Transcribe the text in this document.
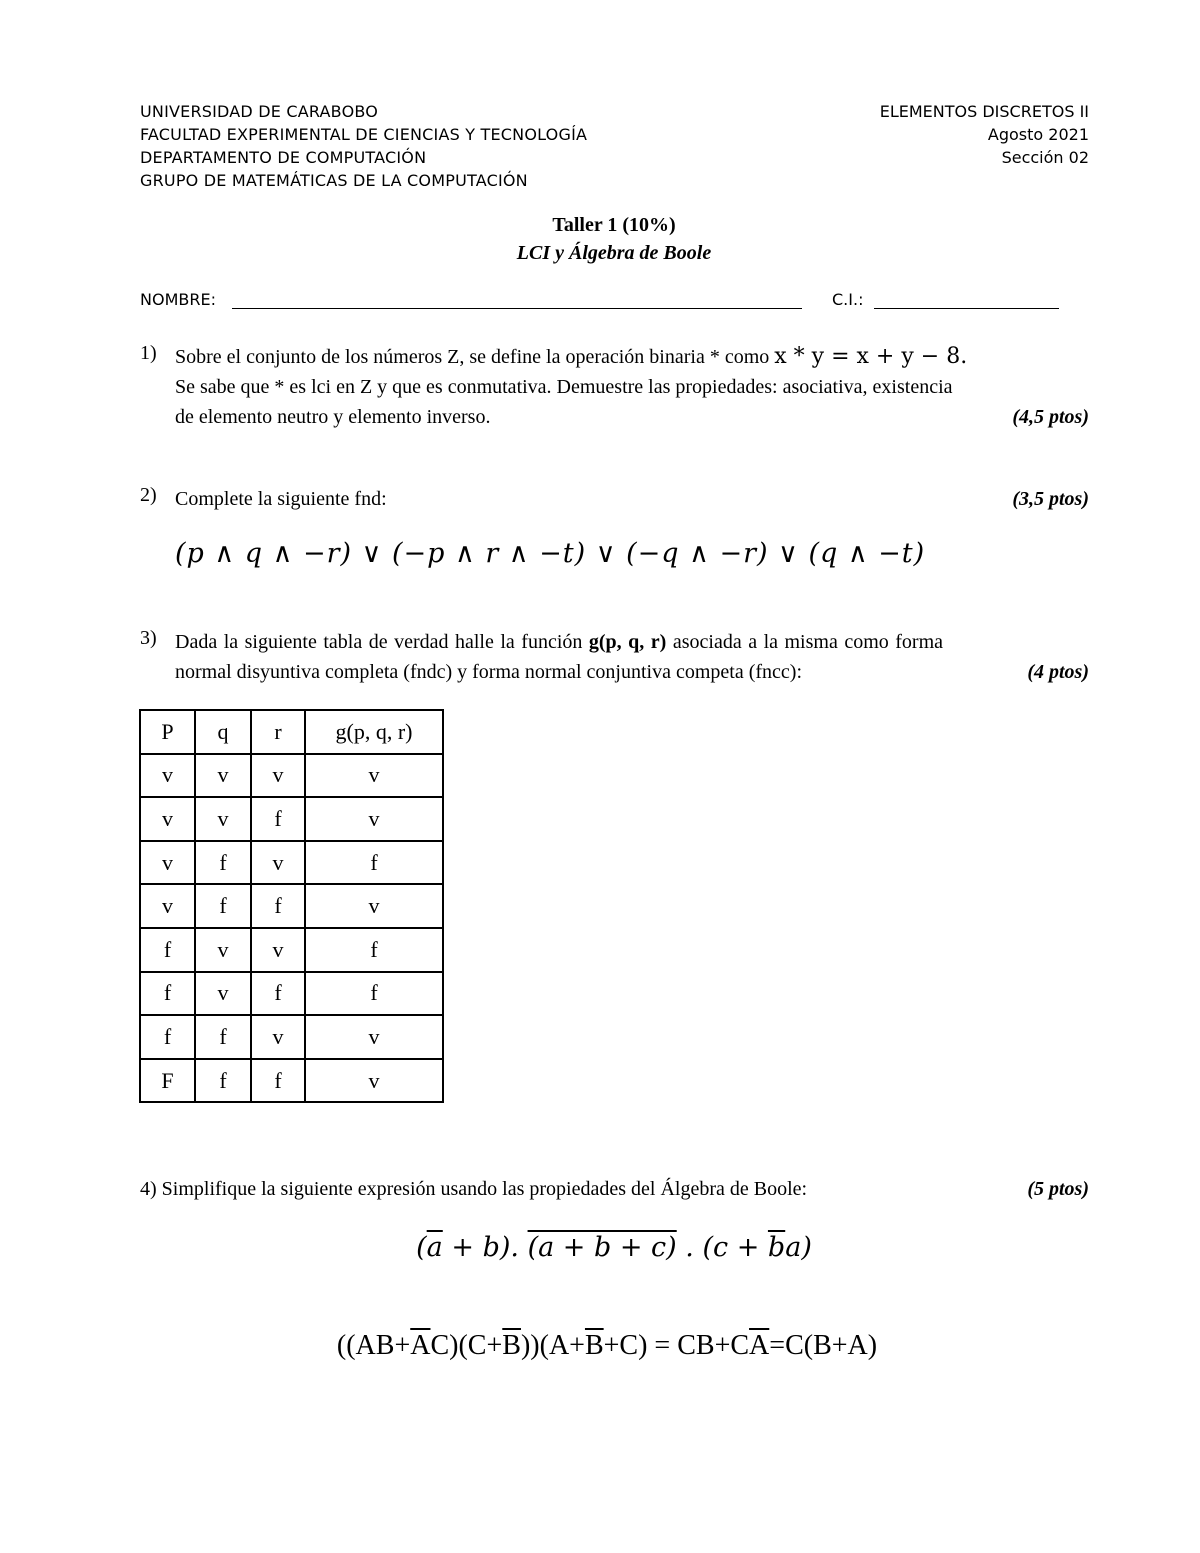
UNIVERSIDAD DE CARABOBO
FACULTAD EXPERIMENTAL DE CIENCIAS Y TECNOLOGÍA
DEPARTAMENTO DE COMPUTACIÓN
GRUPO DE MATEMÁTICAS DE LA COMPUTACIÓN
ELEMENTOS DISCRETOS II
Agosto 2021
Sección 02
Taller 1 (10%)
LCI y Álgebra de Boole
NOMBRE:	C.I.:
1) Sobre el conjunto de los números Z, se define la operación binaria * como x * y = x + y − 8.
Se sabe que * es lci en Z y que es conmutativa. Demuestre las propiedades: asociativa, existencia
de elemento neutro y elemento inverso.	(4,5 ptos)
2) Complete la siguiente fnd:	(3,5 ptos)
(p ∧ q ∧ −r) ∨ (−p ∧ r ∧ −t) ∨ (−q ∧ −r) ∨ (q ∧ −t)
3) Dada la siguiente tabla de verdad halle la función g(p, q, r) asociada a la misma como forma
normal disyuntiva completa (fndc) y forma normal conjuntiva competa (fncc):	(4 ptos)
P	q	r	g(p, q, r)
v	v	v	v
v	v	f	v
v	f	v	f
v	f	f	v
f	v	v	f
f	v	f	f
f	f	v	v
F	f	f	v
4) Simplifique la siguiente expresión usando las propiedades del Álgebra de Boole:	(5 ptos)
$(\overline{a} + b)$. (a + b + c) . $(c + \overline{b}a)$
$((AB+\overline{A}C)(C+\overline{B}))(A+\overline{B}+C) = CB+C\overline{A}=C(B+A)$
